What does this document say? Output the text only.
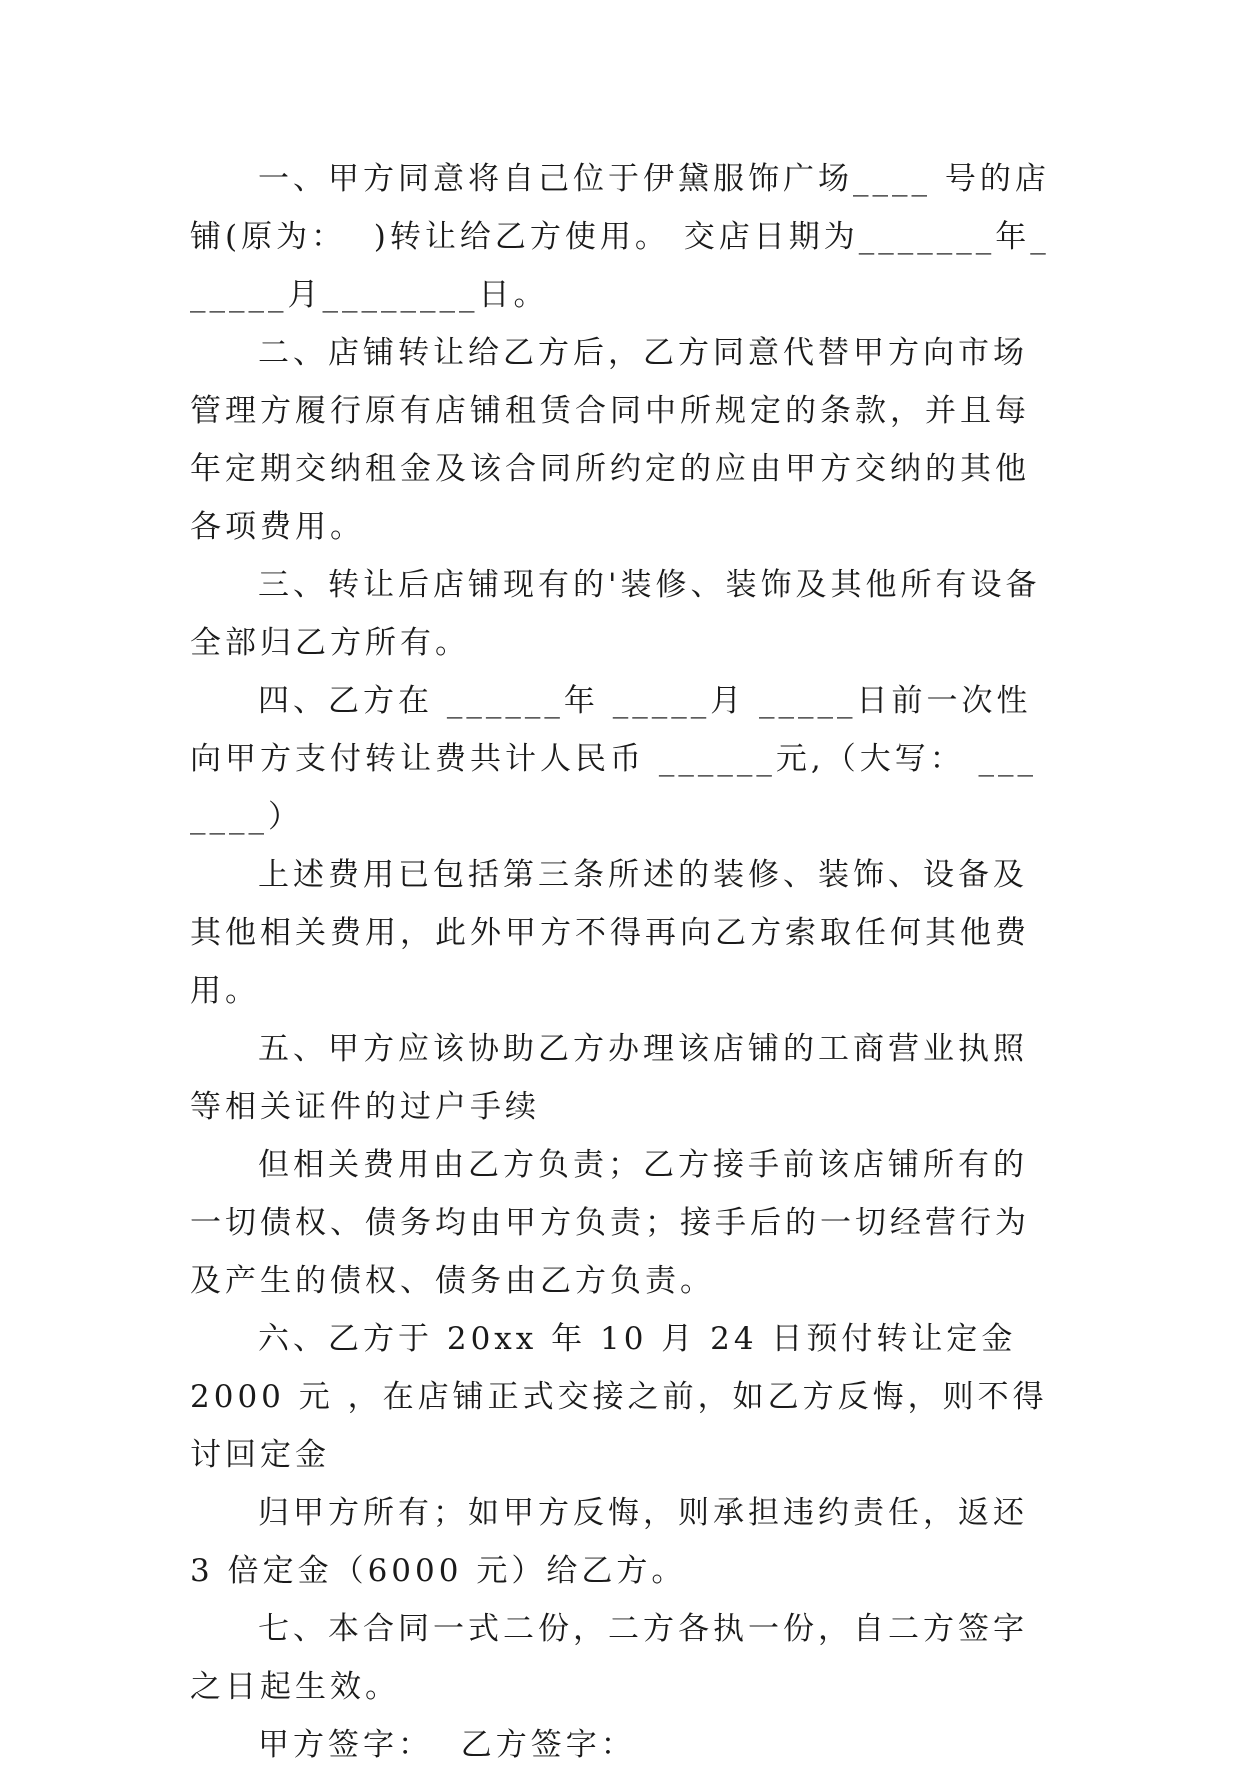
一、甲方同意将自己位于伊黛服饰广场____ 号的店铺(原为：  )转让给乙方使用。 交店日期为_______年______月________日。

二、店铺转让给乙方后，乙方同意代替甲方向市场管理方履行原有店铺租赁合同中所规定的条款，并且每年定期交纳租金及该合同所约定的应由甲方交纳的其他各项费用。

三、转让后店铺现有的'装修、装饰及其他所有设备全部归乙方所有。

四、乙方在 ______年 _____月 _____日前一次性向甲方支付转让费共计人民币 ______元,（大写： _______）

上述费用已包括第三条所述的装修、装饰、设备及其他相关费用，此外甲方不得再向乙方索取任何其他费用。

五、甲方应该协助乙方办理该店铺的工商营业执照等相关证件的过户手续

但相关费用由乙方负责；乙方接手前该店铺所有的一切债权、债务均由甲方负责；接手后的一切经营行为及产生的债权、债务由乙方负责。

六、乙方于 20xx 年 10 月 24 日预付转让定金 2000 元 ，在店铺正式交接之前，如乙方反悔，则不得讨回定金

归甲方所有；如甲方反悔，则承担违约责任，返还 3 倍定金（6000 元）给乙方。

七、本合同一式二份，二方各执一份，自二方签字之日起生效。

甲方签字：  乙方签字：
